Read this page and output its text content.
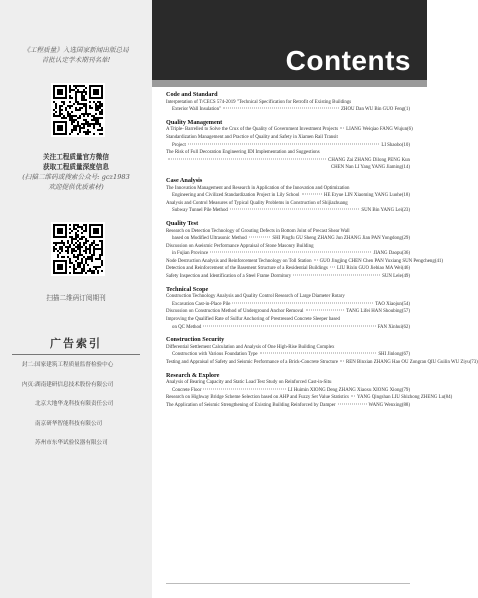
《工程质量》入选国家新闻出版总局
首批认定学术期刊名单!
关注工程质量官方微信
获取工程质量深度信息
(扫描二维码或搜索公众号: gcz1983
欢迎提供优质素材)
扫描二维码订阅期刊
广告索引
封二:国家建筑工程质量监督检验中心
内页:湖南建研信息技术股份有限公司
北京大地华龙科技有限责任公司
南京研华智能科技有限公司
苏州市东华试验仪器有限公司
Contents
Code and Standard
Interpretation of T/CECS 574-2019 "Technical Specification for Retrofit of Existing Buildings
Exterior Wall Insulation"	ZHOU Dan WU Bin GUO Feng (1)
Quality Management
A Triple- Barrelled to Solve the Crux of the Quality of Government Investment Projects LIANG Weiqiao FANG Wujun (6)
Standardization Management and Practice of Quality and Safety in Xiamen Rail Transit
Project	LI Shaobo (10)
The Risk of Full Decoration Engineering IDI Implementation and Suggestions
CHANG Zai ZHANG Dilong PENG Kun
CHEN Nan LI Yang YANG Jiaming(14)
Case Analysis
The Innovation Management and Research in Application of the Innovation and Optimization
Engineering and Civilized Standardization Project in Lily School	HE Eryue LIN Xiaoming YANG Luohe (18)
Analysis and Control Measures of Typical Quality Problems in Construction of Shijiazhuang
Subway Tunnel Pile Method	SUN Bin YANG Lei (23)
Quality Test
Research on Detection Technology of Grouting Defects in Bottom Joint of Precast Shear Wall
based on Modified Ultrasonic Method	SHI Pingfu GU Sheng ZHANG Jun ZHANG Jian PAN Yongdong (29)
Discussion on Aseismic Performance Appraisal of Stone Masonry Building
in Fujian Province	JIANG Daopu (36)
Node Destruction Analysis and Reinforcement Technology on Toll Station GUO Jingjing CHEN Chen PAN Yuxiang SUN Pengcheng (41)
Detection and Reinforcement of the Basement Structure of a Residential Buildings LIU Rixin GUO Jiebiao MA Wei (46)
Safety Inspection and Identification of a Steel Frame Dormitory	SUN Lele (49)
Technical Scope
Construction Technology Analysis and Quality Control Research of Large Diameter Rotary
Excavation Cast-in-Place Pile	TAO Xiaojun (54)
Discussion on Construction Method of Underground Anchor Removal	TANG Lifei HAN Shoubing (57)
Improving the Qualified Rate of Sulfur Anchoring of Prestressed Concrete Sleeper based
on QC Method	FAN Xinhui (62)
Construction Security
Differential Settlement Calculation and Analysis of One High-Rise Building Complex
Construction with Various Foundation Type	SHI Jinlong (67)
Testing and Appraisal of Safety and Seismic Performance of a Brick-Concrete Structure REN Binxian ZHANG Hao OU Zongran QIU Guilin WU Ziyu (73)
Research & Explore
Analysis of Bearing Capacity and Static Load Test Study on Reinforced Cast-in-Situ
Concrete Floor	LI Huimin XIONG Deng ZHANG Xiaoxu XIONG Xiong (79)
Research on Highway Bridge Scheme Selection based on AHP and Fuzzy Set Value Statistics YANG Qingshan LIU Shizhong ZHENG Lu (84)
The Application of Seismic Strengthening of Existing Building Reinforced by Damper	WANG Wenxing (88)
